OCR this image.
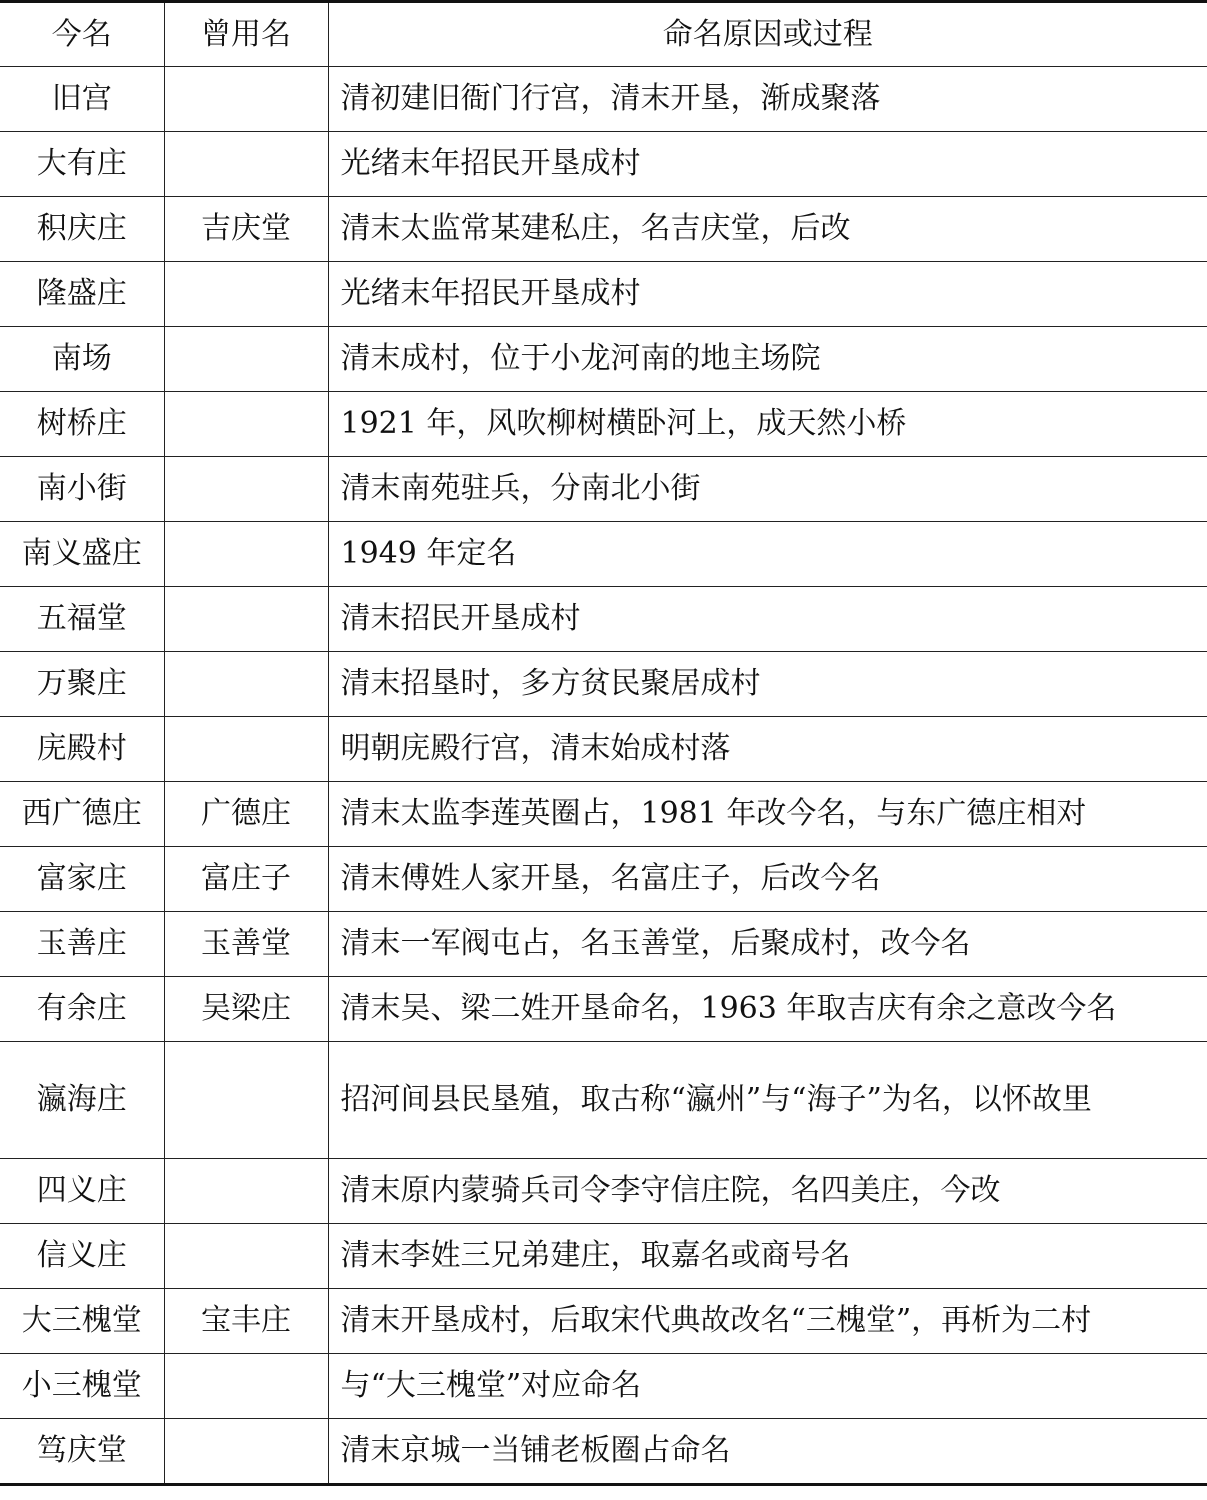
今名	曾用名	命名原因或过程
旧宫		清初建旧衙门行宫，清末开垦，渐成聚落
大有庄		光绪末年招民开垦成村
积庆庄	吉庆堂	清末太监常某建私庄，名吉庆堂，后改
隆盛庄		光绪末年招民开垦成村
南场		清末成村，位于小龙河南的地主场院
树桥庄		1921 年，风吹柳树横卧河上，成天然小桥
南小街		清末南苑驻兵，分南北小街
南义盛庄		1949 年定名
五福堂		清末招民开垦成村
万聚庄		清末招垦时，多方贫民聚居成村
庑殿村		明朝庑殿行宫，清末始成村落
西广德庄	广德庄	清末太监李莲英圈占，1981 年改今名，与东广德庄相对
富家庄	富庄子	清末傅姓人家开垦，名富庄子，后改今名
玉善庄	玉善堂	清末一军阀屯占，名玉善堂，后聚成村，改今名
有余庄	吴梁庄	清末吴、梁二姓开垦命名，1963 年取吉庆有余之意改今名
瀛海庄		招河间县民垦殖，取古称“瀛州”与“海子”为名，以怀故里
四义庄		清末原内蒙骑兵司令李守信庄院，名四美庄，今改
信义庄		清末李姓三兄弟建庄，取嘉名或商号名
大三槐堂	宝丰庄	清末开垦成村，后取宋代典故改名“三槐堂”，再析为二村
小三槐堂		与“大三槐堂”对应命名
笃庆堂		清末京城一当铺老板圈占命名
